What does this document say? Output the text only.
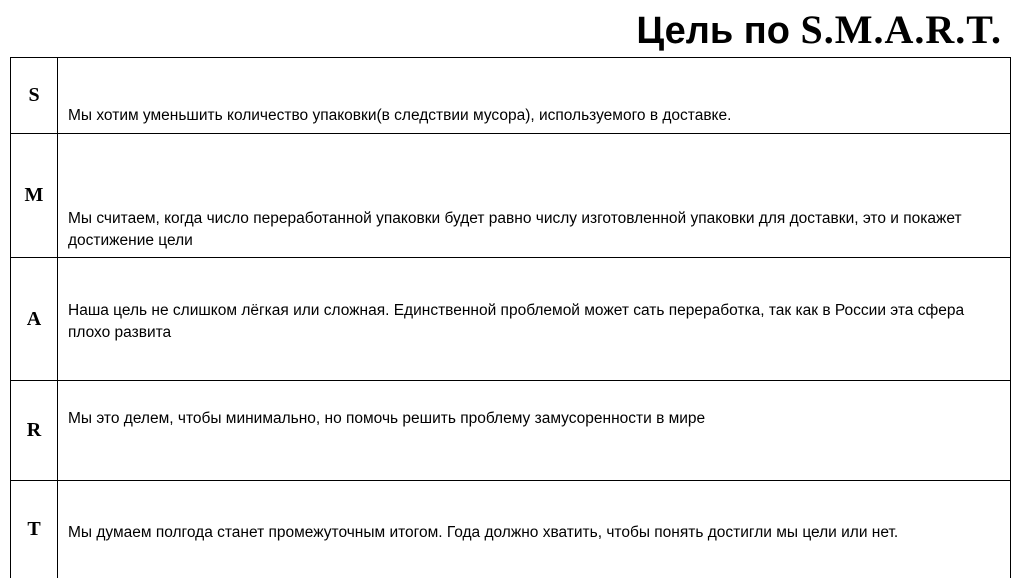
Цель по S.M.A.R.T.
S	Мы хотим уменьшить количество упаковки(в следствии мусора), используемого в доставке.
M	Мы считаем, когда число переработанной упаковки будет равно числу изготовленной упаковки для доставки, это и покажет достижение цели
A	Наша цель не слишком лёгкая или сложная. Единственной проблемой может сать переработка, так как в России эта сфера плохо развита
R	Мы это делем, чтобы минимально, но помочь решить проблему замусоренности в мире
T	Мы думаем полгода станет промежуточным итогом. Года должно хватить, чтобы понять достигли мы цели или нет.
